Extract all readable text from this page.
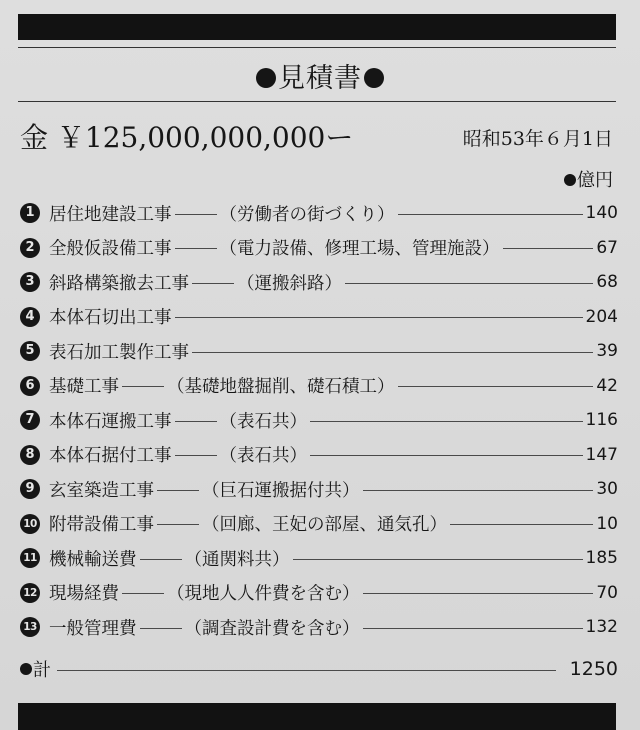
見積書
金 ￥125,000,000,000ー	昭和53年６月1日
億円
1 居住地建設工事	（労働者の街づくり）	140
2 全般仮設備工事	（電力設備、修理工場、管理施設）	67
3 斜路構築撤去工事	（運搬斜路）	68
4 本体石切出工事	204
5 表石加工製作工事	39
6 基礎工事	（基礎地盤掘削、礎石積工）	42
7 本体石運搬工事	（表石共）	116
8 本体石据付工事	（表石共）	147
9 玄室築造工事	（巨石運搬据付共）	30
10 附帯設備工事	（回廊、王妃の部屋、通気孔）	10
11 機械輸送費	（通関料共）	185
12 現場経費	（現地人人件費を含む）	70
13 一般管理費	（調査設計費を含む）	132
計	1250
